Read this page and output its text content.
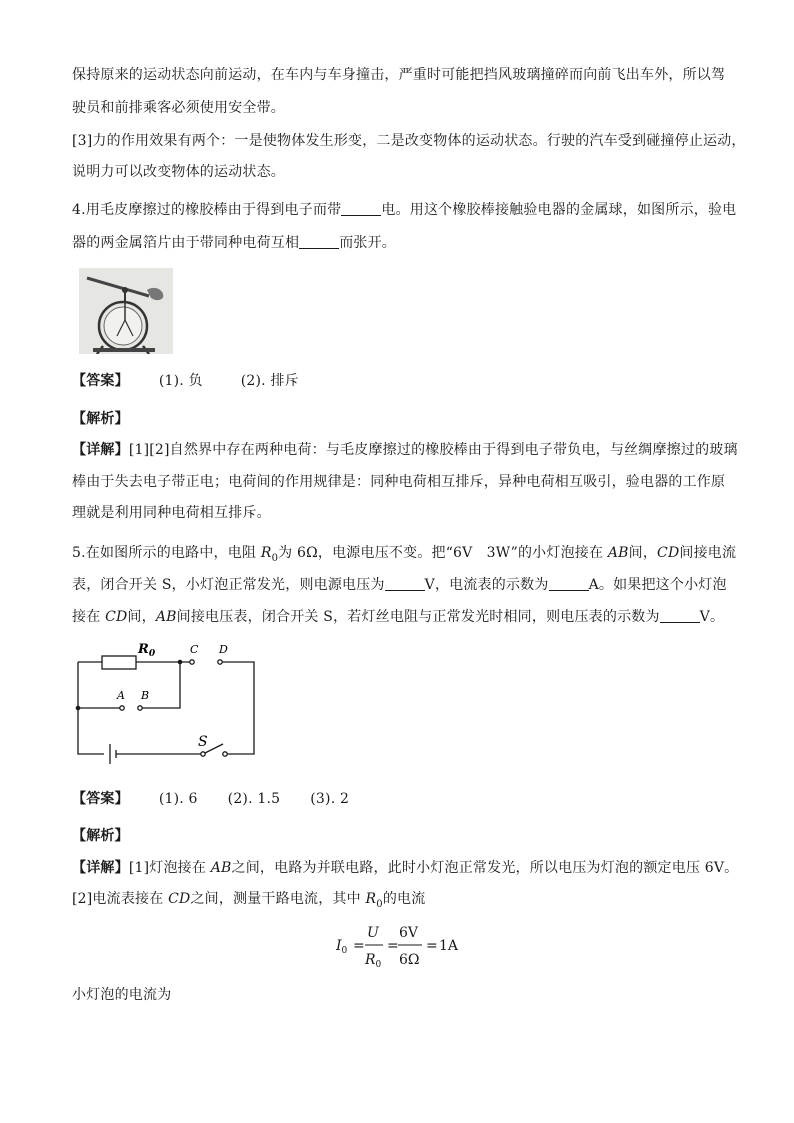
保持原来的运动状态向前运动，在车内与车身撞击，严重时可能把挡风玻璃撞碎而向前飞出车外，所以驾
驶员和前排乘客必须使用安全带。
[3]力的作用效果有两个：一是使物体发生形变，二是改变物体的运动状态。行驶的汽车受到碰撞停止运动，
说明力可以改变物体的运动状态。
4.用毛皮摩擦过的橡胶棒由于得到电子而带	电。用这个橡胶棒接触验电器的金属球，如图所示，验电
器的两金属箔片由于带同种电荷互相	而张开。
【答案】 (1). 负	(2). 排斥
【解析】
【详解】[1][2]自然界中存在两种电荷：与毛皮摩擦过的橡胶棒由于得到电子带负电，与丝绸摩擦过的玻璃
棒由于失去电子带正电；电荷间的作用规律是：同种电荷相互排斥，异种电荷相互吸引，验电器的工作原
理就是利用同种电荷相互排斥。
5.在如图所示的电路中，电阻 $R_0$为 6Ω，电源电压不变。把“6V　3W”的小灯泡接在 AB间，CD间接电流
表，闭合开关 S，小灯泡正常发光，则电源电压为	V，电流表的示数为	A。如果把这个小灯泡
接在 CD间，AB间接电压表，闭合开关 S，若灯丝电阻与正常发光时相同，则电压表的示数为	V。
$R_0$	C D
A B
S
【答案】 (1). 6 (2). 1.5 (3). 2
【解析】
【详解】[1]灯泡接在 AB之间，电路为并联电路，此时小灯泡正常发光，所以电压为灯泡的额定电压 6V。
[2]电流表接在 CD之间，测量干路电流，其中 $R_0$的电流
$I_0$ =
U
$R_0$
=
6V
6Ω
= 1A
小灯泡的电流为
